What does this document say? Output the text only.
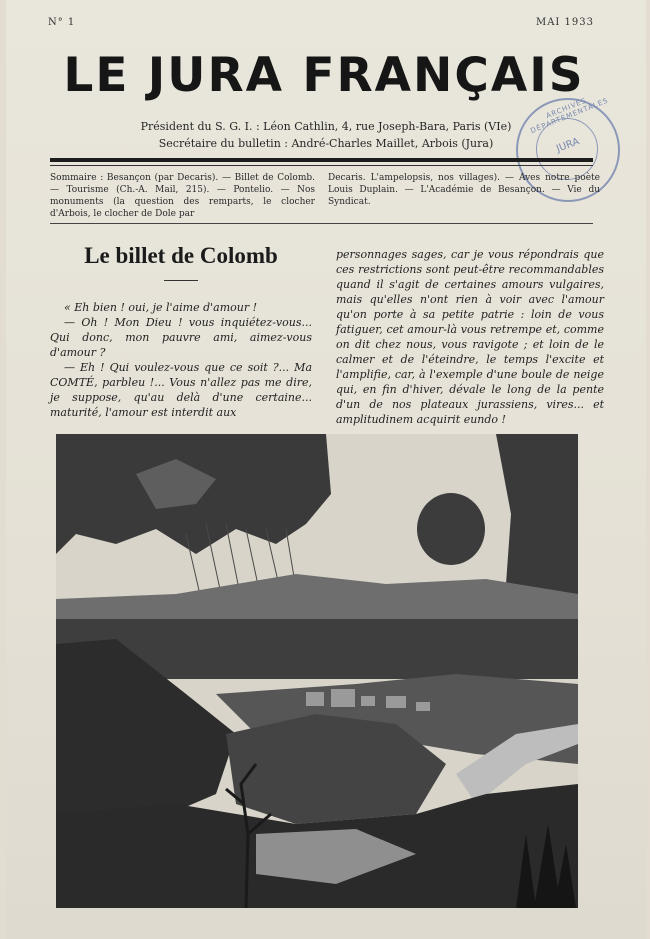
N° 1	MAI 1933
LE JURA FRANÇAIS
Président du S. G. I. : Léon Cathlin, 4, rue Joseph-Bara, Paris (VIe)
Secrétaire du bulletin : André-Charles Maillet, Arbois (Jura)
ARCHIVES DÉPARTEMENTALES
JURA
Sommaire : Besançon (par Decaris). — Billet de Colomb. — Tourisme (Ch.-A. Mail, 215). — Pontelio. — Nos monuments (la question des remparts, le clocher d'Arbois, le clocher de Dole par
Decaris. L'ampelopsis, nos villages). — Aves notre poète Louis Duplain. — L'Académie de Besançon. — Vie du Syndicat.
Le billet de Colomb

« Eh bien ! oui, je l'aime d'amour !

— Oh ! Mon Dieu ! vous inquiétez-vous... Qui donc, mon pauvre ami, aimez-vous d'amour ?

— Eh ! Qui voulez-vous que ce soit ?... Ma COMTÉ, parbleu !... Vous n'allez pas me dire, je suppose, qu'au delà d'une certaine... maturité, l'amour est interdit aux

personnages sages, car je vous répondrais que ces restrictions sont peut-être recommandables quand il s'agit de certaines amours vulgaires, mais qu'elles n'ont rien à voir avec l'amour qu'on porte à sa petite patrie : loin de vous fatiguer, cet amour-là vous retrempe et, comme on dit chez nous, vous ravigote ; et loin de le calmer et de l'éteindre, le temps l'excite et l'amplifie, car, à l'exemple d'une boule de neige qui, en fin d'hiver, dévale le long de la pente d'un de nos plateaux jurassiens, vires... et amplitudinem acquirit eundo !
